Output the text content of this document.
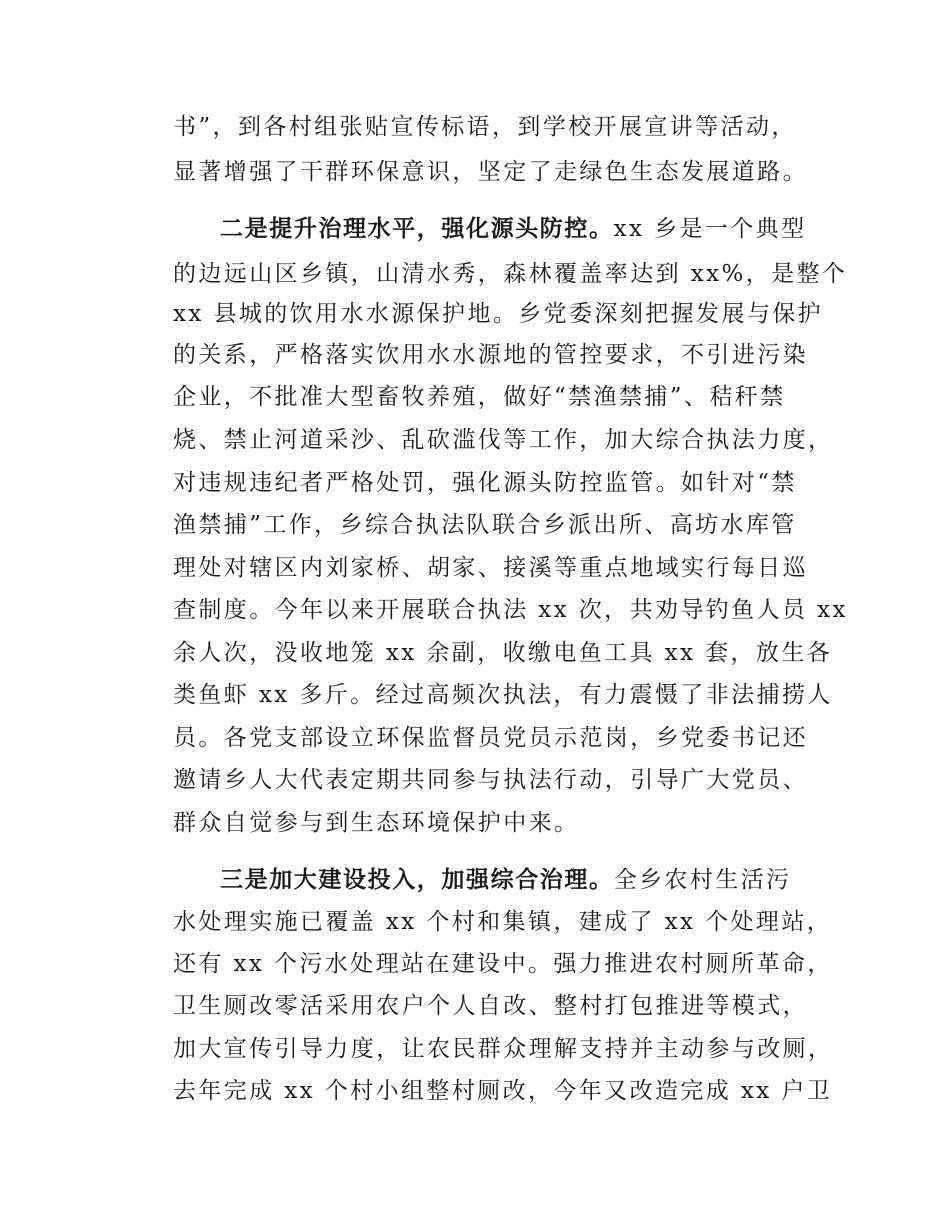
书”，到各村组张贴宣传标语，到学校开展宣讲等活动，
显著增强了干群环保意识，坚定了走绿色生态发展道路。
二是提升治理水平，强化源头防控。xx 乡是一个典型
的边远山区乡镇，山清水秀，森林覆盖率达到 xx%，是整个
xx 县城的饮用水水源保护地。乡党委深刻把握发展与保护
的关系，严格落实饮用水水源地的管控要求，不引进污染
企业，不批准大型畜牧养殖，做好“禁渔禁捕”、秸秆禁
烧、禁止河道采沙、乱砍滥伐等工作，加大综合执法力度，
对违规违纪者严格处罚，强化源头防控监管。如针对“禁
渔禁捕”工作，乡综合执法队联合乡派出所、高坊水库管
理处对辖区内刘家桥、胡家、接溪等重点地域实行每日巡
查制度。今年以来开展联合执法 xx 次，共劝导钓鱼人员 xx
余人次，没收地笼 xx 余副，收缴电鱼工具 xx 套，放生各
类鱼虾 xx 多斤。经过高频次执法，有力震慑了非法捕捞人
员。各党支部设立环保监督员党员示范岗，乡党委书记还
邀请乡人大代表定期共同参与执法行动，引导广大党员、
群众自觉参与到生态环境保护中来。
三是加大建设投入，加强综合治理。全乡农村生活污
水处理实施已覆盖 xx 个村和集镇，建成了 xx 个处理站，
还有 xx 个污水处理站在建设中。强力推进农村厕所革命，
卫生厕改零活采用农户个人自改、整村打包推进等模式，
加大宣传引导力度，让农民群众理解支持并主动参与改厕，
去年完成 xx 个村小组整村厕改，今年又改造完成 xx 户卫
